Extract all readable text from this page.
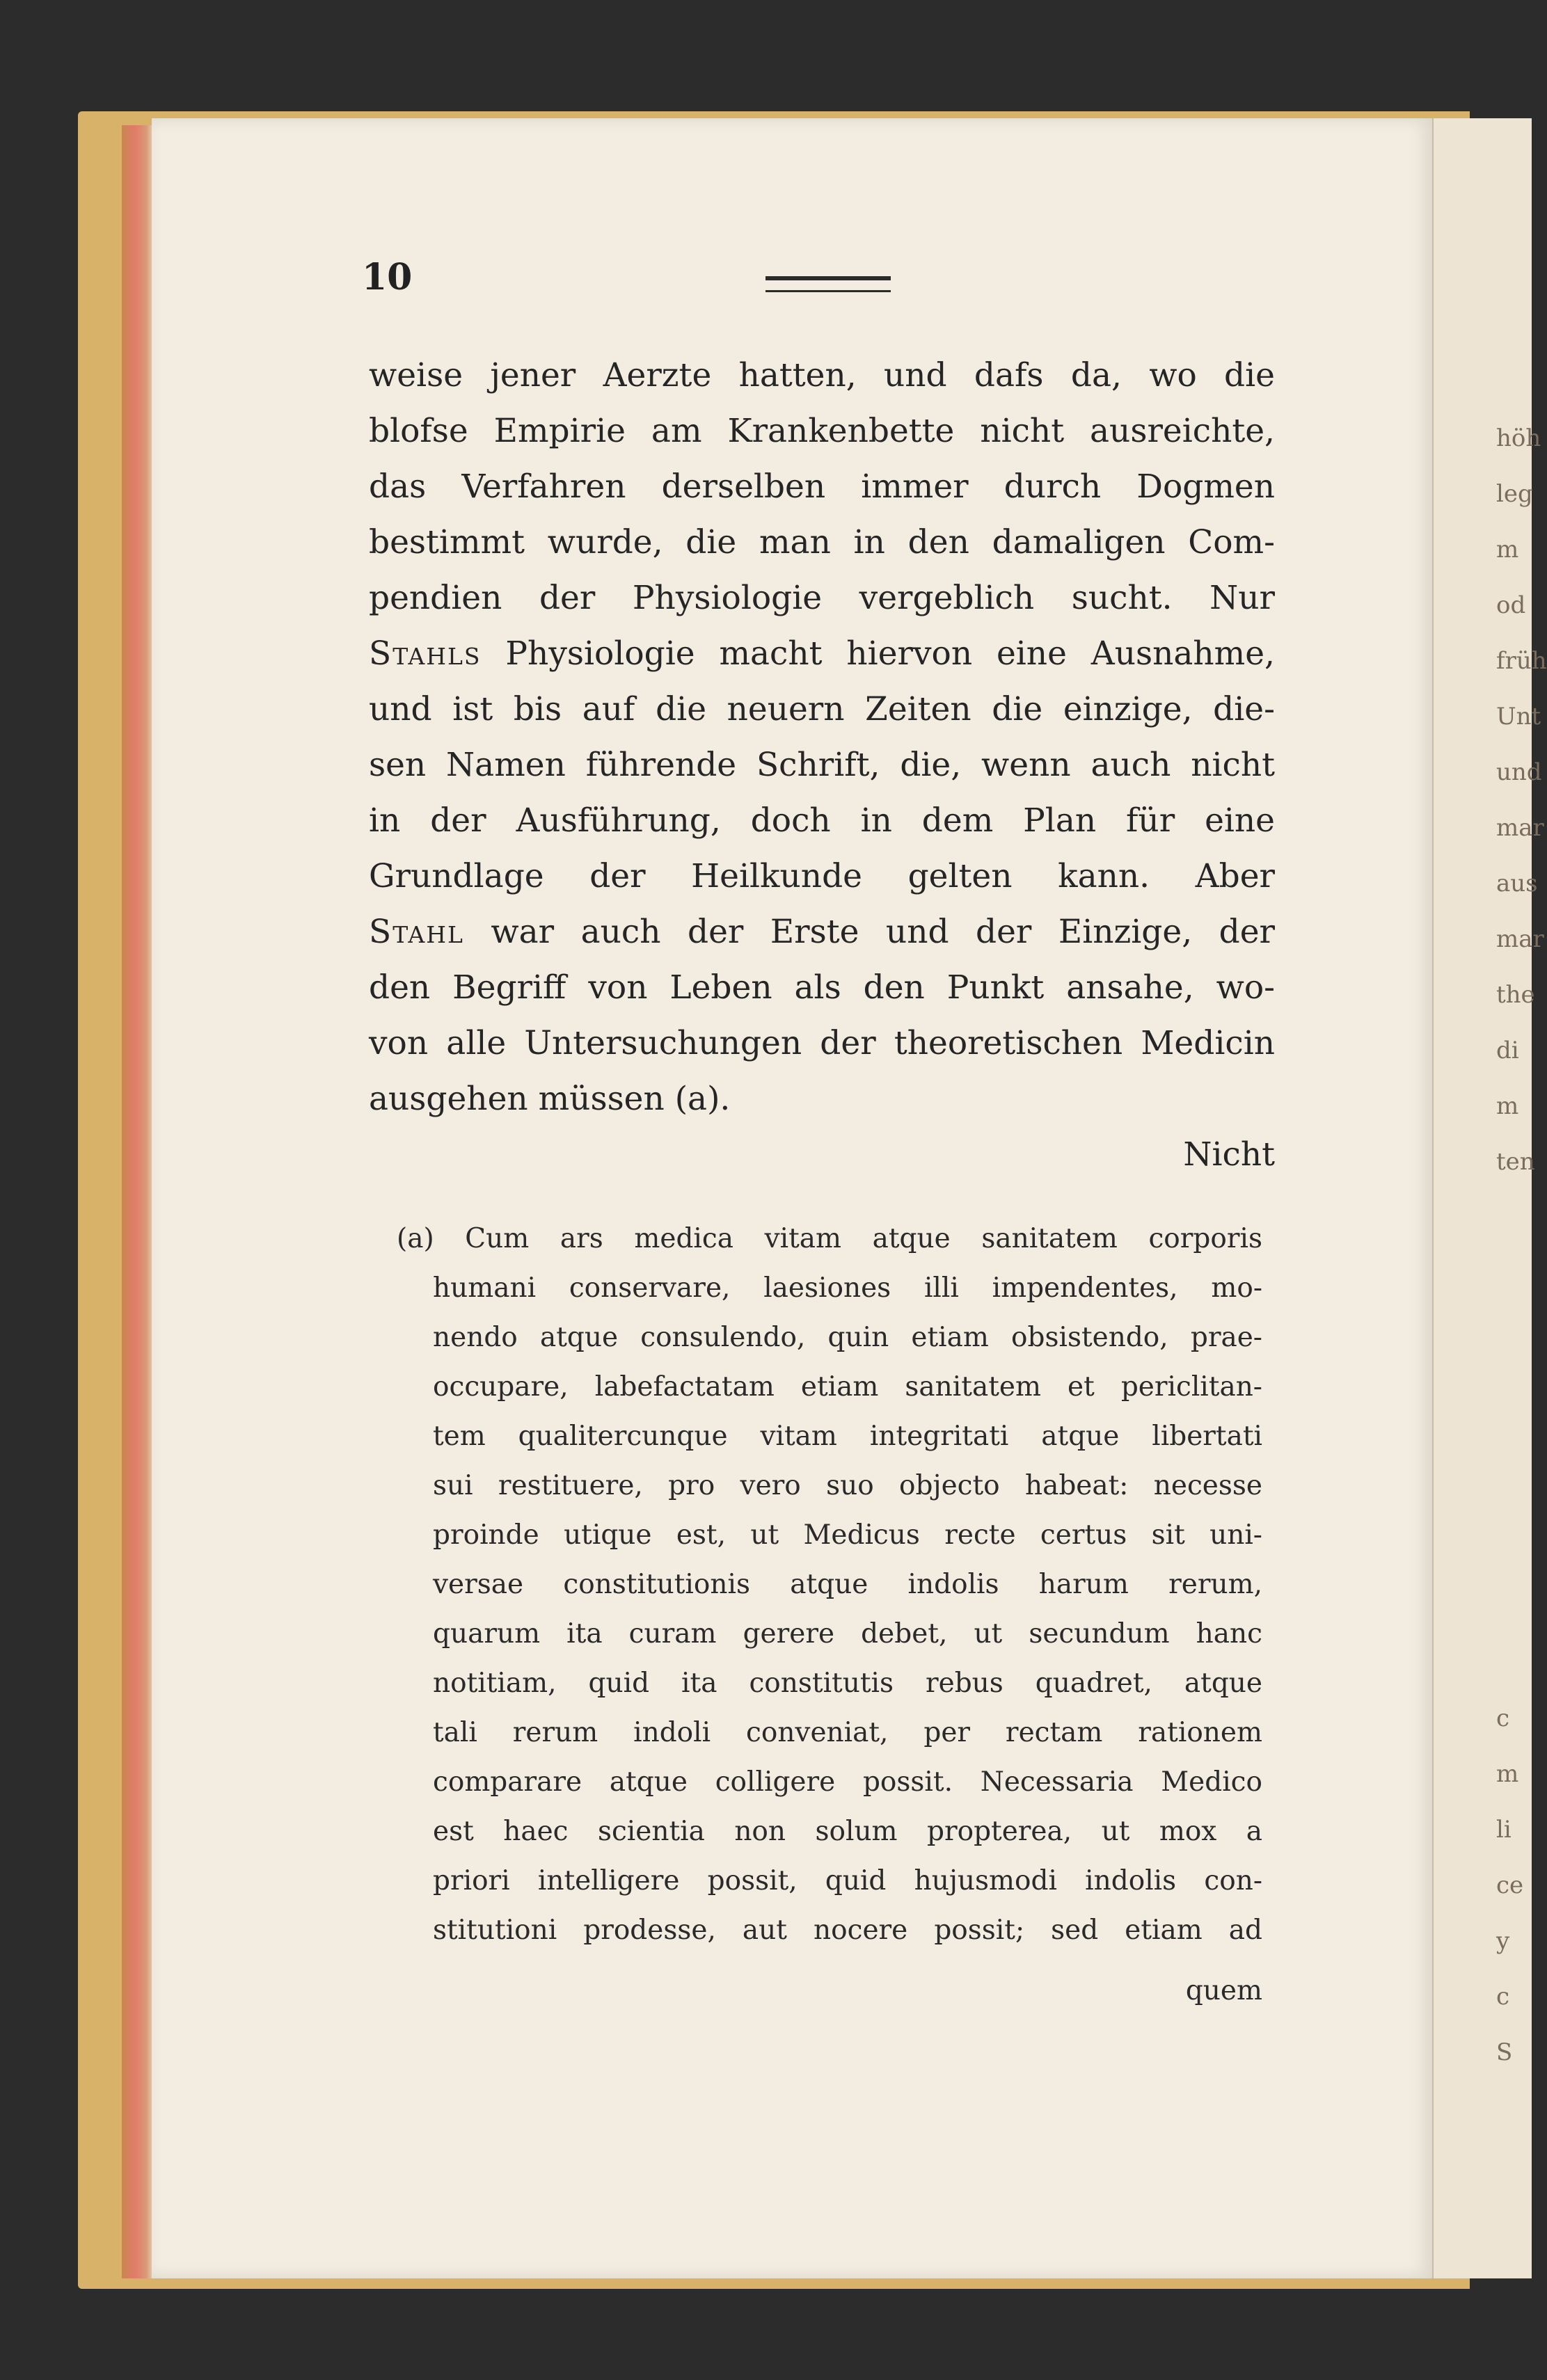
höh
leg
m
od
früh
Unt
und
mar
aus
mar
the
di
m
ten
c
m
li
ce
y
c
S
10
weise jener Aerzte hatten, und dafs da, wo die
blofse Empirie am Krankenbette nicht ausreichte,
das Verfahren derselben immer durch Dogmen
bestimmt wurde, die man in den damaligen Com-
pendien der Physiologie vergeblich sucht. Nur
Stahls Physiologie macht hiervon eine Ausnahme,
und ist bis auf die neuern Zeiten die einzige, die-
sen Namen führende Schrift, die, wenn auch nicht
in der Ausführung, doch in dem Plan für eine
Grundlage der Heilkunde gelten kann. Aber
Stahl war auch der Erste und der Einzige, der
den Begriff von Leben als den Punkt ansahe, wo-
von alle Untersuchungen der theoretischen Medicin
ausgehen müssen (a).
Nicht
(a) Cum ars medica vitam atque sanitatem corporis
humani conservare, laesiones illi impendentes, mo-
nendo atque consulendo, quin etiam obsistendo, prae-
occupare, labefactatam etiam sanitatem et periclitan-
tem qualitercunque vitam integritati atque libertati
sui restituere, pro vero suo objecto habeat: necesse
proinde utique est, ut Medicus recte certus sit uni-
versae constitutionis atque indolis harum rerum,
quarum ita curam gerere debet, ut secundum hanc
notitiam, quid ita constitutis rebus quadret, atque
tali rerum indoli conveniat, per rectam rationem
comparare atque colligere possit. Necessaria Medico
est haec scientia non solum propterea, ut mox a
priori intelligere possit, quid hujusmodi indolis con-
stitutioni prodesse, aut nocere possit; sed etiam ad
quem
